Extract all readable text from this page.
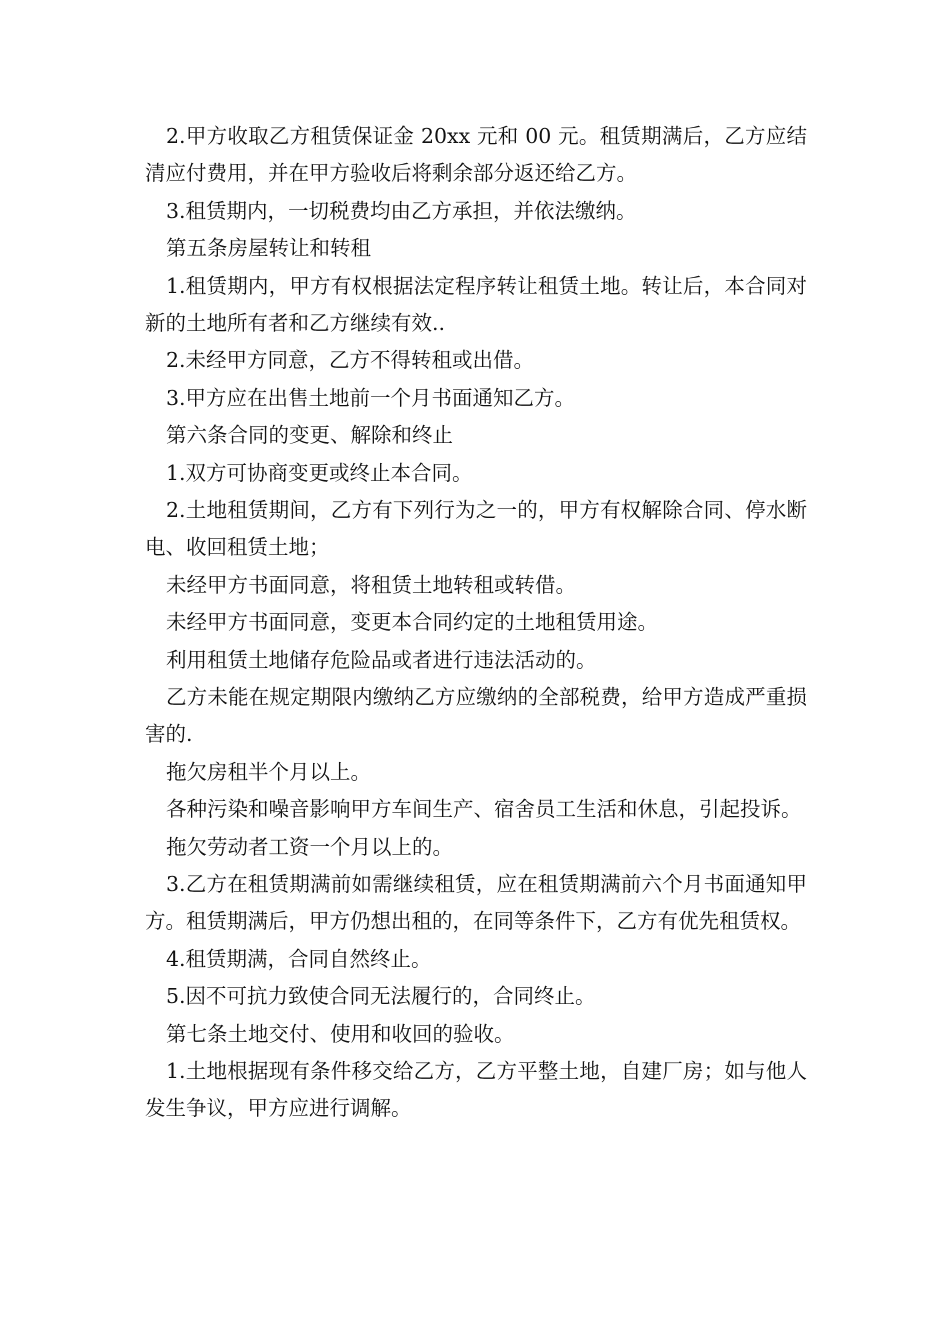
2.甲方收取乙方租赁保证金 20xx 元和 00 元。租赁期满后，乙方应结清应付费用，并在甲方验收后将剩余部分返还给乙方。

3.租赁期内，一切税费均由乙方承担，并依法缴纳。

第五条房屋转让和转租

1.租赁期内，甲方有权根据法定程序转让租赁土地。转让后，本合同对新的土地所有者和乙方继续有效..

2.未经甲方同意，乙方不得转租或出借。

3.甲方应在出售土地前一个月书面通知乙方。

第六条合同的变更、解除和终止

1.双方可协商变更或终止本合同。

2.土地租赁期间，乙方有下列行为之一的，甲方有权解除合同、停水断电、收回租赁土地；

未经甲方书面同意，将租赁土地转租或转借。

未经甲方书面同意，变更本合同约定的土地租赁用途。

利用租赁土地储存危险品或者进行违法活动的。

乙方未能在规定期限内缴纳乙方应缴纳的全部税费，给甲方造成严重损害的.

拖欠房租半个月以上。

各种污染和噪音影响甲方车间生产、宿舍员工生活和休息，引起投诉。

拖欠劳动者工资一个月以上的。

3.乙方在租赁期满前如需继续租赁，应在租赁期满前六个月书面通知甲方。租赁期满后，甲方仍想出租的，在同等条件下，乙方有优先租赁权。

4.租赁期满，合同自然终止。

5.因不可抗力致使合同无法履行的，合同终止。

第七条土地交付、使用和收回的验收。

1.土地根据现有条件移交给乙方，乙方平整土地，自建厂房；如与他人发生争议，甲方应进行调解。
